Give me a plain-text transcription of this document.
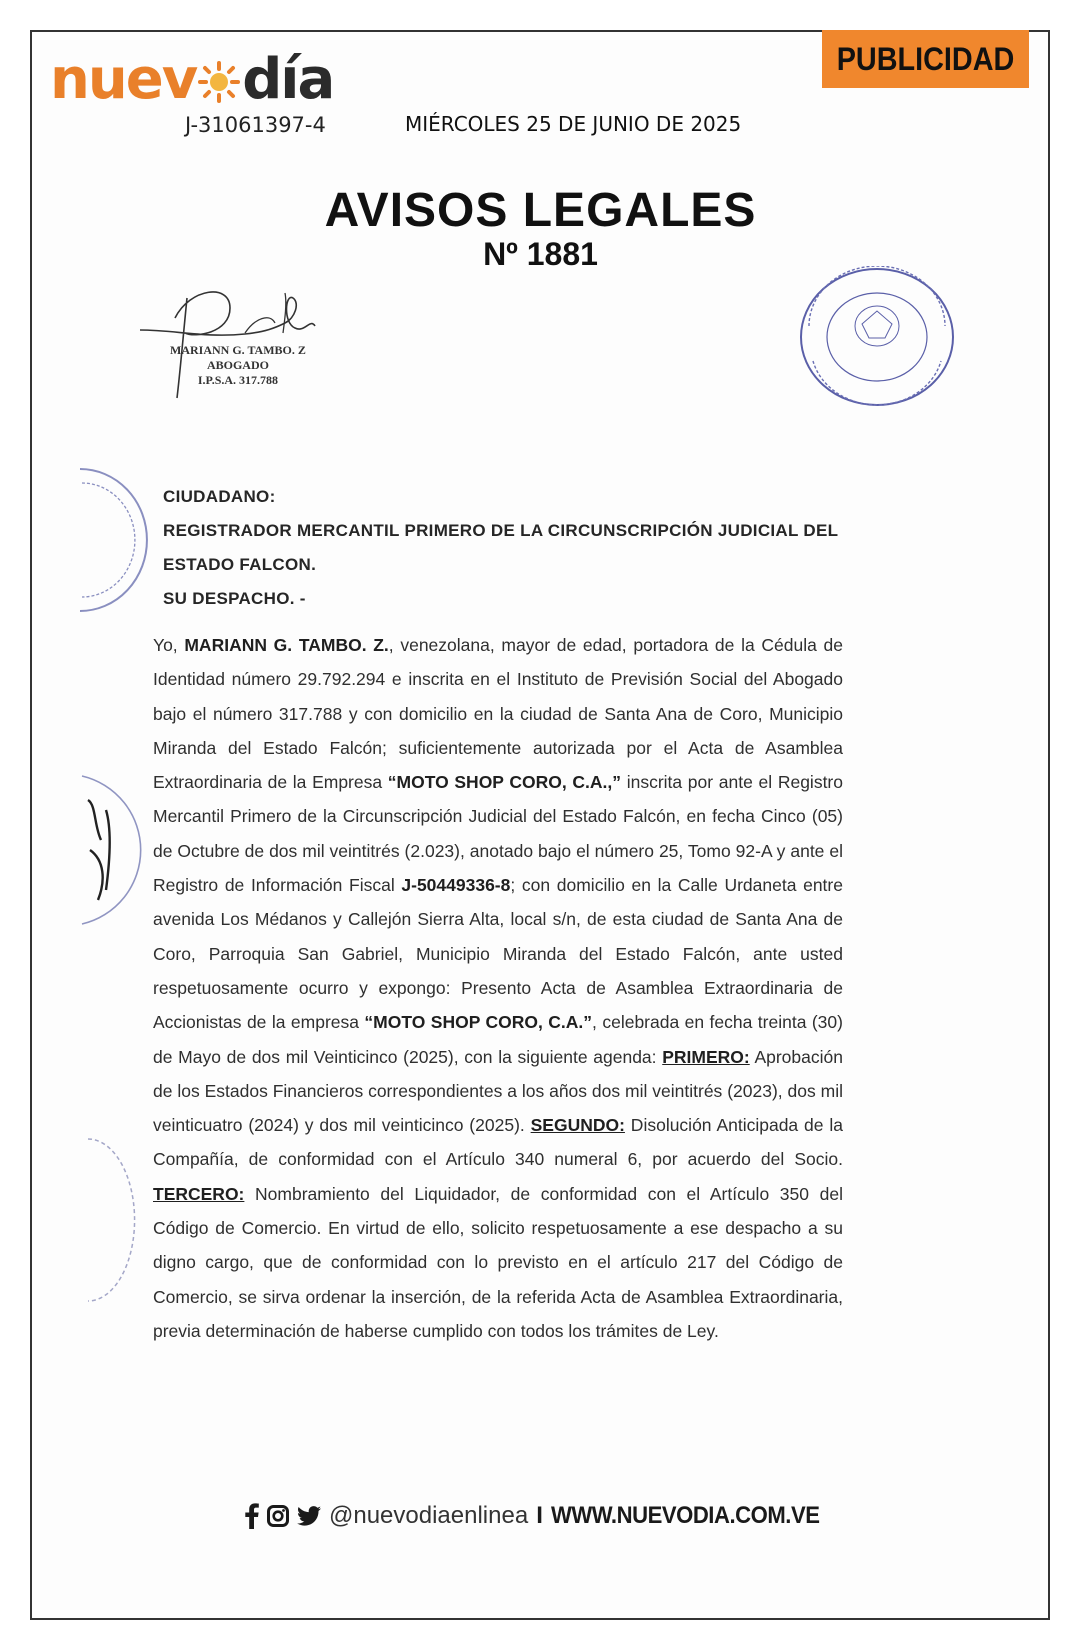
nuev día
J-31061397-4	MIÉRCOLES 25 DE JUNIO DE 2025
PUBLICIDAD
AVISOS LEGALES
Nº 1881
MARIANN G. TAMBO. Z
ABOGADO
I.P.S.A. 317.788
CIUDADANO:
REGISTRADOR MERCANTIL PRIMERO DE LA CIRCUNSCRIPCIÓN JUDICIAL DEL
ESTADO FALCON.
SU DESPACHO. -
Yo, MARIANN G. TAMBO. Z., venezolana, mayor de edad, portadora de la Cédula de Identidad número 29.792.294 e inscrita en el Instituto de Previsión Social del Abogado bajo el número 317.788 y con domicilio en la ciudad de Santa Ana de Coro, Municipio Miranda del Estado Falcón; suficientemente autorizada por el Acta de Asamblea Extraordinaria de la Empresa “MOTO SHOP CORO, C.A.,” inscrita por ante el Registro Mercantil Primero de la Circunscripción Judicial del Estado Falcón, en fecha Cinco (05) de Octubre de dos mil veintitrés (2.023), anotado bajo el número 25, Tomo 92-A y ante el Registro de Información Fiscal J-50449336-8; con domicilio en la Calle Urdaneta entre avenida Los Médanos y Callejón Sierra Alta, local s/n, de esta ciudad de Santa Ana de Coro, Parroquia San Gabriel, Municipio Miranda del Estado Falcón, ante usted respetuosamente ocurro y expongo: Presento Acta de Asamblea Extraordinaria de Accionistas de la empresa “MOTO SHOP CORO, C.A.”, celebrada en fecha treinta (30) de Mayo de dos mil Veinticinco (2025), con la siguiente agenda: PRIMERO: Aprobación de los Estados Financieros correspondientes a los años dos mil veintitrés (2023), dos mil veinticuatro (2024) y dos mil veinticinco (2025). SEGUNDO: Disolución Anticipada de la Compañía, de conformidad con el Artículo 340 numeral 6, por acuerdo del Socio. TERCERO: Nombramiento del Liquidador, de conformidad con el Artículo 350 del Código de Comercio. En virtud de ello, solicito respetuosamente a ese despacho a su digno cargo, que de conformidad con lo previsto en el artículo 217 del Código de Comercio, se sirva ordenar la inserción, de la referida Acta de Asamblea Extraordinaria, previa determinación de haberse cumplido con todos los trámites de Ley.
@nuevodiaenlinea I WWW.NUEVODIA.COM.VE
